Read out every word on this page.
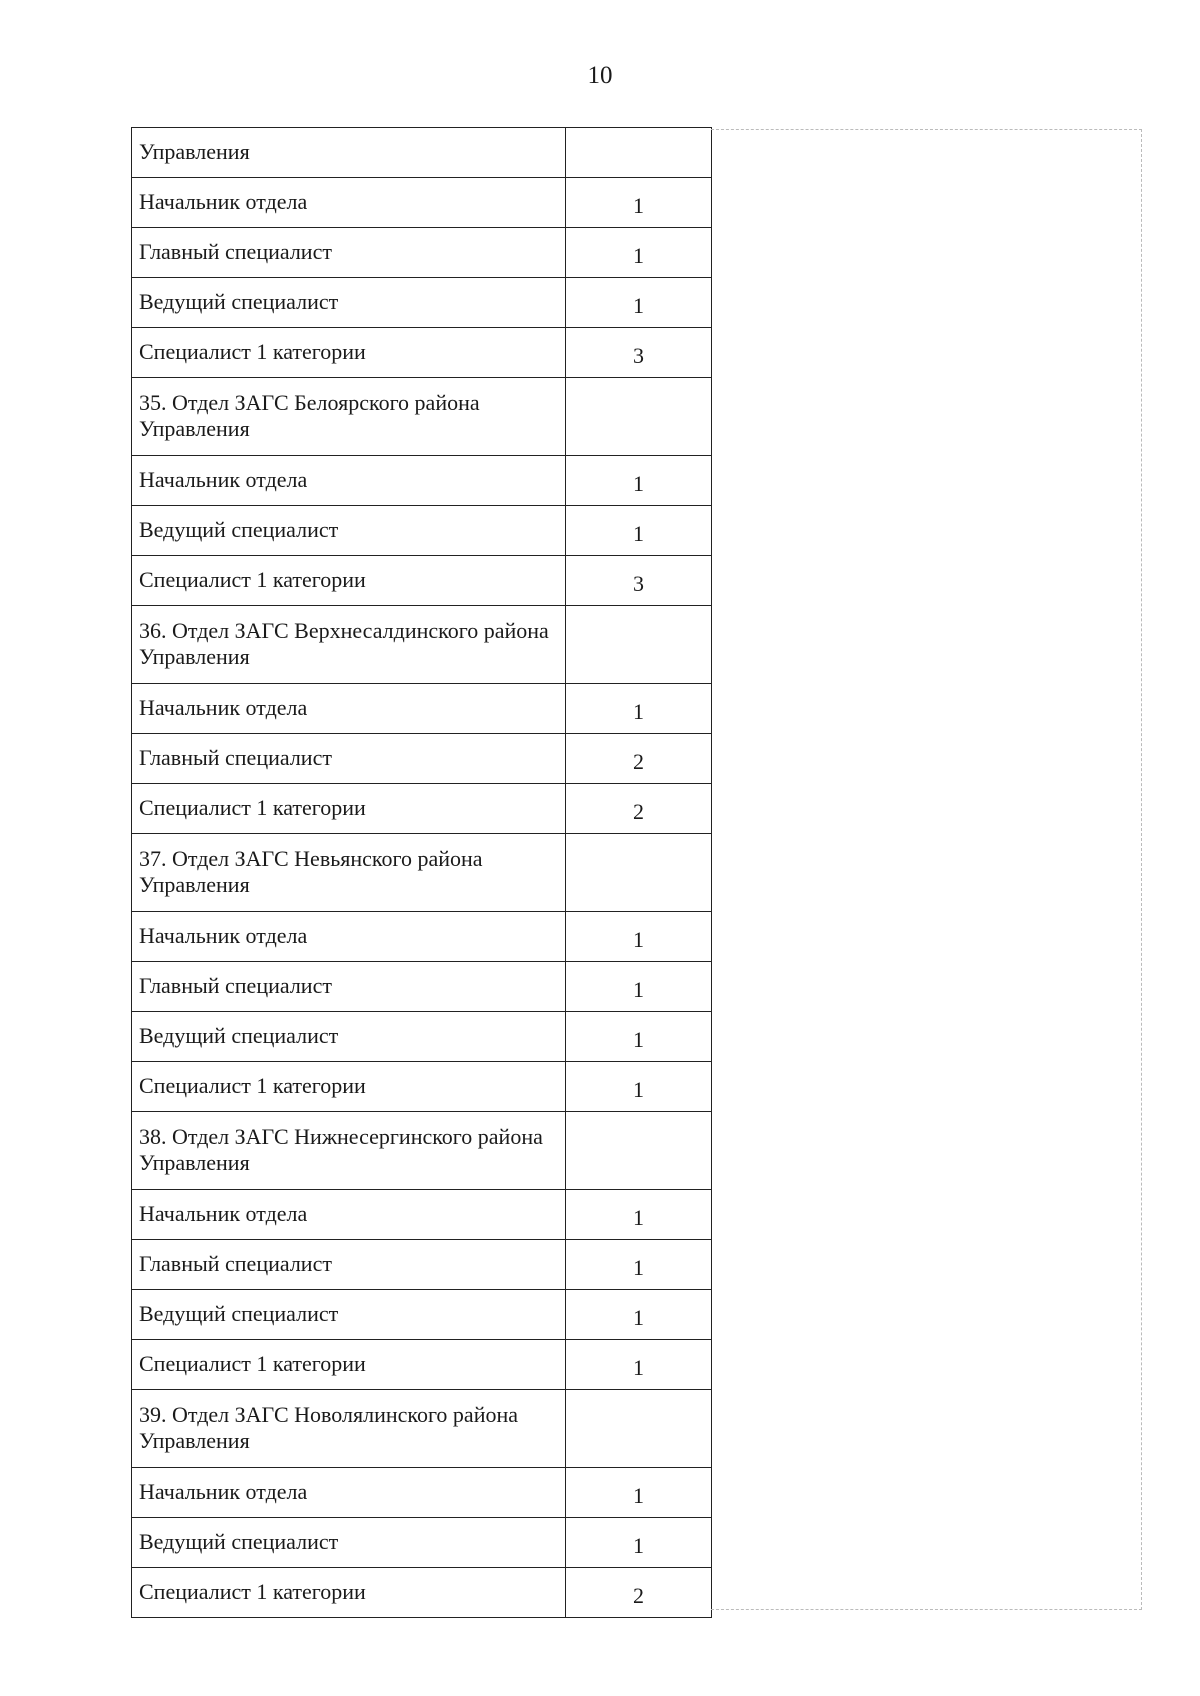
10
Управления	
Начальник отдела	1
Главный специалист	1
Ведущий специалист	1
Специалист 1 категории	3
35. Отдел ЗАГС Белоярского района Управления	
Начальник отдела	1
Ведущий специалист	1
Специалист 1 категории	3
36. Отдел ЗАГС Верхнесалдинского района Управления	
Начальник отдела	1
Главный специалист	2
Специалист 1 категории	2
37. Отдел ЗАГС Невьянского района Управления	
Начальник отдела	1
Главный специалист	1
Ведущий специалист	1
Специалист 1 категории	1
38. Отдел ЗАГС Нижнесергинского района Управления	
Начальник отдела	1
Главный специалист	1
Ведущий специалист	1
Специалист 1 категории	1
39. Отдел ЗАГС Новолялинского района Управления	
Начальник отдела	1
Ведущий специалист	1
Специалист 1 категории	2
